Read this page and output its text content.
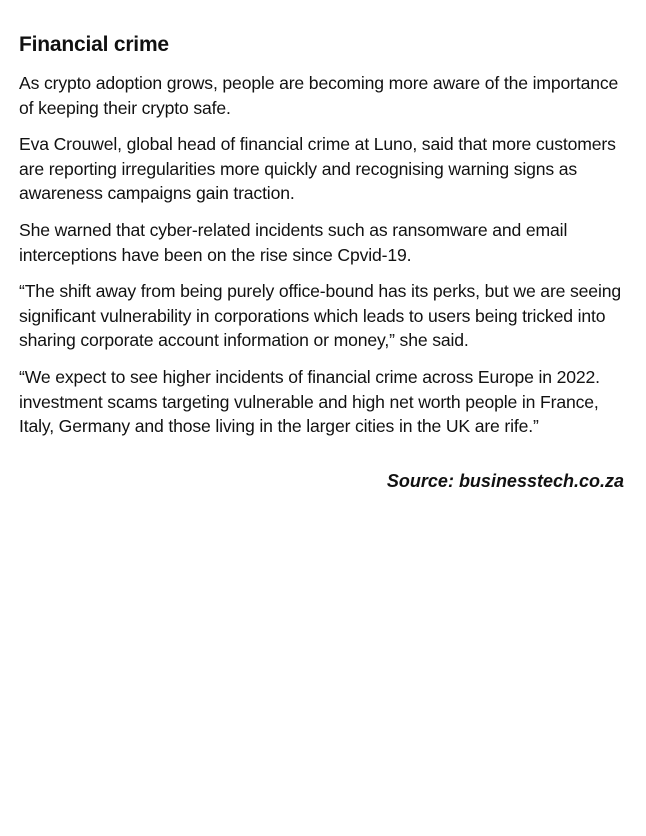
Financial crime

As crypto adoption grows, people are becoming more aware of the importance of keeping their crypto safe.

Eva Crouwel, global head of financial crime at Luno, said that more customers are reporting irregularities more quickly and recognising warning signs as awareness campaigns gain traction.

She warned that cyber-related incidents such as ransomware and email interceptions have been on the rise since Cpvid-19.

“The shift away from being purely office-bound has its perks, but we are seeing significant vulnerability in corporations which leads to users being tricked into sharing corporate account information or money,” she said.

“We expect to see higher incidents of financial crime across Europe in 2022. investment scams targeting vulnerable and high net worth people in France, Italy, Germany and those living in the larger cities in the UK are rife.”

Source: businesstech.co.za
